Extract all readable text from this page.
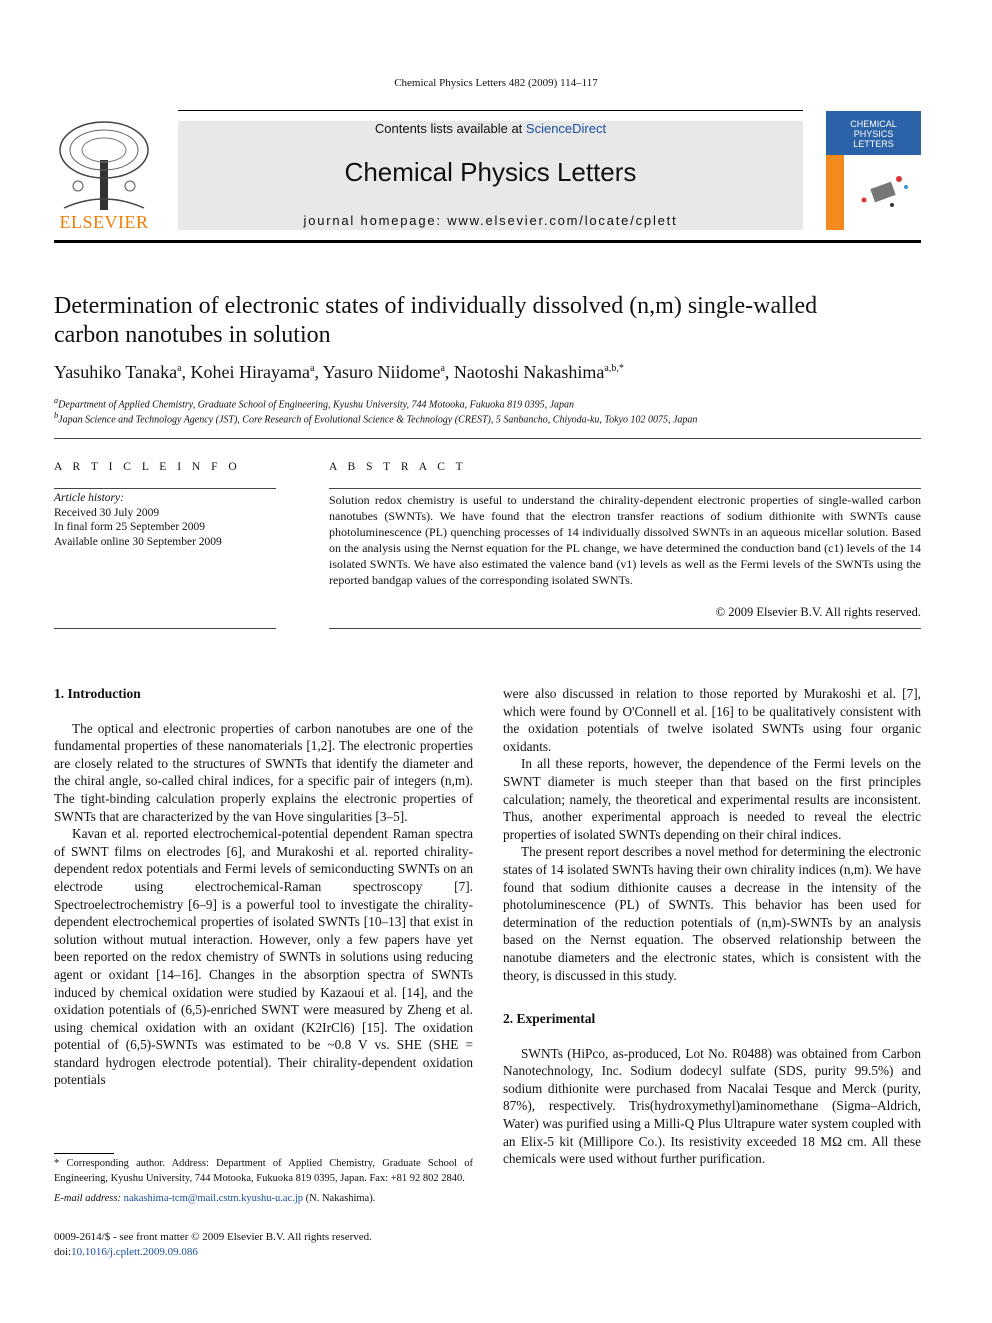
Chemical Physics Letters 482 (2009) 114–117
ELSEVIER
Contents lists available at ScienceDirect
Chemical Physics Letters
journal homepage: www.elsevier.com/locate/cplett
CHEMICAL
PHYSICS
LETTERS
Determination of electronic states of individually dissolved (n,m) single-walled
carbon nanotubes in solution
Yasuhiko Tanaka$^a$, Kohei Hirayama$^a$, Yasuro Niidome$^a$, Naotoshi Nakashima$^{a,b,*}$
$^a$Department of Applied Chemistry, Graduate School of Engineering, Kyushu University, 744 Motooka, Fukuoka 819 0395, Japan
$^b$Japan Science and Technology Agency (JST), Core Research of Evolutional Science & Technology (CREST), 5 Sanbancho, Chiyoda-ku, Tokyo 102 0075, Japan
A R T I C L E I N F O
Article history:
Received 30 July 2009
In final form 25 September 2009
Available online 30 September 2009
A B S T R A C T
Solution redox chemistry is useful to understand the chirality-dependent electronic properties of single-walled carbon nanotubes (SWNTs). We have found that the electron transfer reactions of sodium dithionite with SWNTs cause photoluminescence (PL) quenching processes of 14 individually dissolved SWNTs in an aqueous micellar solution. Based on the analysis using the Nernst equation for the PL change, we have determined the conduction band (c1) levels of the 14 isolated SWNTs. We have also estimated the valence band (v1) levels as well as the Fermi levels of the SWNTs using the reported bandgap values of the corresponding isolated SWNTs.
© 2009 Elsevier B.V. All rights reserved.
1. Introduction

The optical and electronic properties of carbon nanotubes are one of the fundamental properties of these nanomaterials [1,2]. The electronic properties are closely related to the structures of SWNTs that identify the diameter and the chiral angle, so-called chiral indices, for a specific pair of integers (n,m). The tight-binding calculation properly explains the electronic properties of SWNTs that are characterized by the van Hove singularities [3–5].

Kavan et al. reported electrochemical-potential dependent Raman spectra of SWNT films on electrodes [6], and Murakoshi et al. reported chirality-dependent redox potentials and Fermi levels of semiconducting SWNTs on an electrode using electrochemical-Raman spectroscopy [7]. Spectroelectrochemistry [6–9] is a powerful tool to investigate the chirality-dependent electrochemical properties of isolated SWNTs [10–13] that exist in solution without mutual interaction. However, only a few papers have yet been reported on the redox chemistry of SWNTs in solutions using reducing agent or oxidant [14–16]. Changes in the absorption spectra of SWNTs induced by chemical oxidation were studied by Kazaoui et al. [14], and the oxidation potentials of (6,5)-enriched SWNT were measured by Zheng et al. using chemical oxidation with an oxidant (K2IrCl6) [15]. The oxidation potential of (6,5)-SWNTs was estimated to be ~0.8 V vs. SHE (SHE = standard hydrogen electrode potential). Their chirality-dependent oxidation potentials

* Corresponding author. Address: Department of Applied Chemistry, Graduate School of Engineering, Kyushu University, 744 Motooka, Fukuoka 819 0395, Japan. Fax: +81 92 802 2840.
E-mail address: nakashima-tcm@mail.cstm.kyushu-u.ac.jp (N. Nakashima).
0009-2614/$ - see front matter © 2009 Elsevier B.V. All rights reserved.
doi:10.1016/j.cplett.2009.09.086

were also discussed in relation to those reported by Murakoshi et al. [7], which were found by O'Connell et al. [16] to be qualitatively consistent with the oxidation potentials of twelve isolated SWNTs using four organic oxidants.

In all these reports, however, the dependence of the Fermi levels on the SWNT diameter is much steeper than that based on the first principles calculation; namely, the theoretical and experimental results are inconsistent. Thus, another experimental approach is needed to reveal the electric properties of isolated SWNTs depending on their chiral indices.

The present report describes a novel method for determining the electronic states of 14 isolated SWNTs having their own chirality indices (n,m). We have found that sodium dithionite causes a decrease in the intensity of the photoluminescence (PL) of SWNTs. This behavior has been used for determination of the reduction potentials of (n,m)-SWNTs by an analysis based on the Nernst equation. The observed relationship between the nanotube diameters and the electronic states, which is consistent with the theory, is discussed in this study.

2. Experimental

SWNTs (HiPco, as-produced, Lot No. R0488) was obtained from Carbon Nanotechnology, Inc. Sodium dodecyl sulfate (SDS, purity 99.5%) and sodium dithionite were purchased from Nacalai Tesque and Merck (purity, 87%), respectively. Tris(hydroxymethyl)aminomethane (Sigma–Aldrich, Water) was purified using a Milli-Q Plus Ultrapure water system coupled with an Elix-5 kit (Millipore Co.). Its resistivity exceeded 18 MΩ cm. All these chemicals were used without further purification.
